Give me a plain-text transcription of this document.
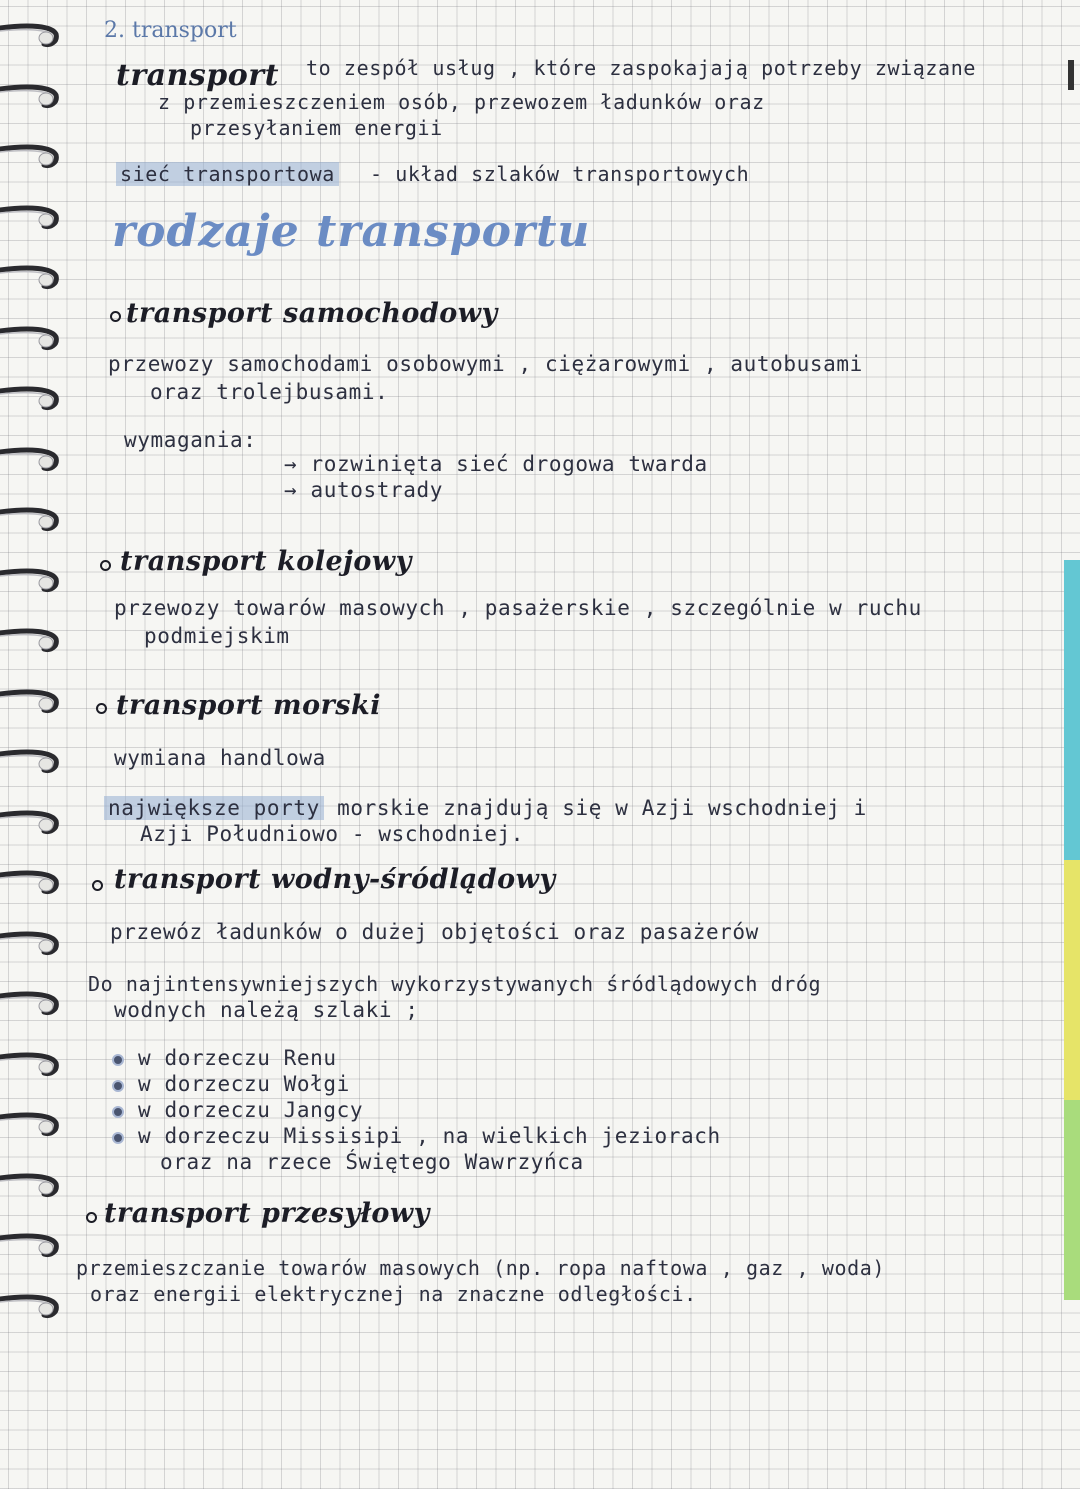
2. transport
transport to zespół usług , które zaspokajają potrzeby związane
z przemieszczeniem osób, przewozem ładunków oraz
przesyłaniem energii
sieć transportowa - układ szlaków transportowych
rodzaje transportu
transport samochodowy
przewozy samochodami osobowymi , ciężarowymi , autobusami
oraz trolejbusami.
wymagania:
→ rozwinięta sieć drogowa twarda
→ autostrady
transport kolejowy
przewozy towarów masowych , pasażerskie , szczególnie w ruchu
podmiejskim
transport morski
wymiana handlowa
największe porty morskie znajdują się w Azji wschodniej i
Azji Południowo - wschodniej.
transport wodny-śródlądowy
przewóz ładunków o dużej objętości oraz pasażerów
Do najintensywniejszych wykorzystywanych śródlądowych dróg
wodnych należą szlaki ;
w dorzeczu Renu
w dorzeczu Wołgi
w dorzeczu Jangcy
w dorzeczu Missisipi , na wielkich jeziorach
oraz na rzece Świętego Wawrzyńca
transport przesyłowy
przemieszczanie towarów masowych (np. ropa naftowa , gaz , woda)
oraz energii elektrycznej na znaczne odległości.
